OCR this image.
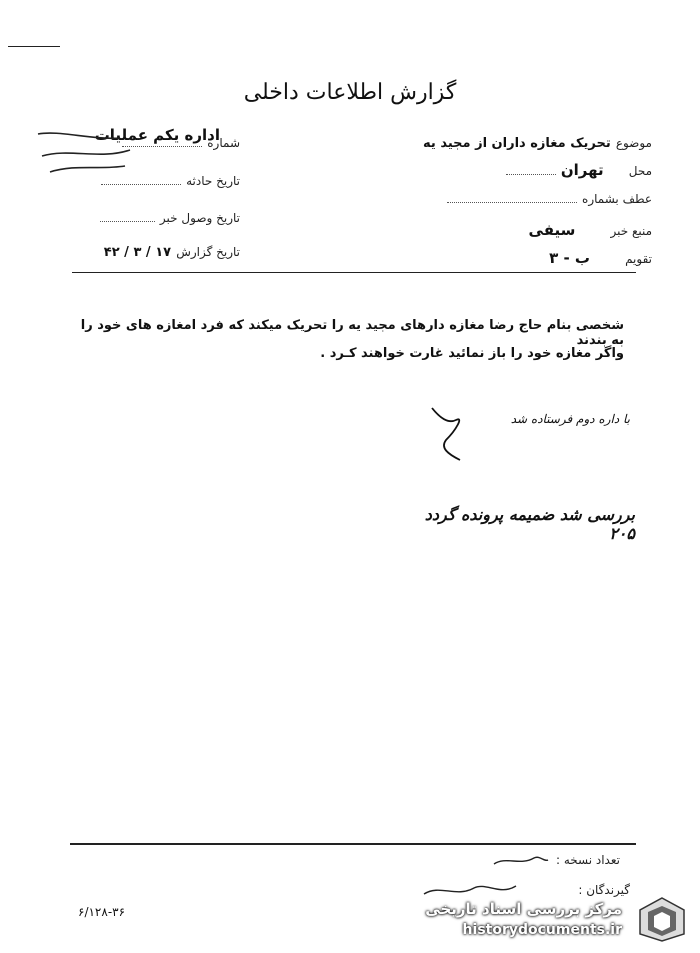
گزارش اطلاعات داخلی
اداره یکم عملیات
شماره
تاریخ حادثه
تاریخ وصول خبر
تاریخ گزارش ۱۷ / ۳ / ۴۲
موضوع تحریک مغازه داران از مجید یه
محل تهران
عطف بشماره
منبع خبر سیفی
تقویم ب - ۳
شخصی بنام حاج رضا مغازه دارهای مجید یه را تحریک میکند که فرد امغازه های خود را به بندند
واگر مغازه خود را باز نمائید غارت خواهند کـرد .
با داره دوم فرستاده شد
بررسی شد ضمیمه پرونده گردد ۲۰۵
تعداد نسخه :
گیرندگان :
۶/۱۲۸-۳۶	مرکز بررسی اسناد تاریخی
historydocuments.ir
